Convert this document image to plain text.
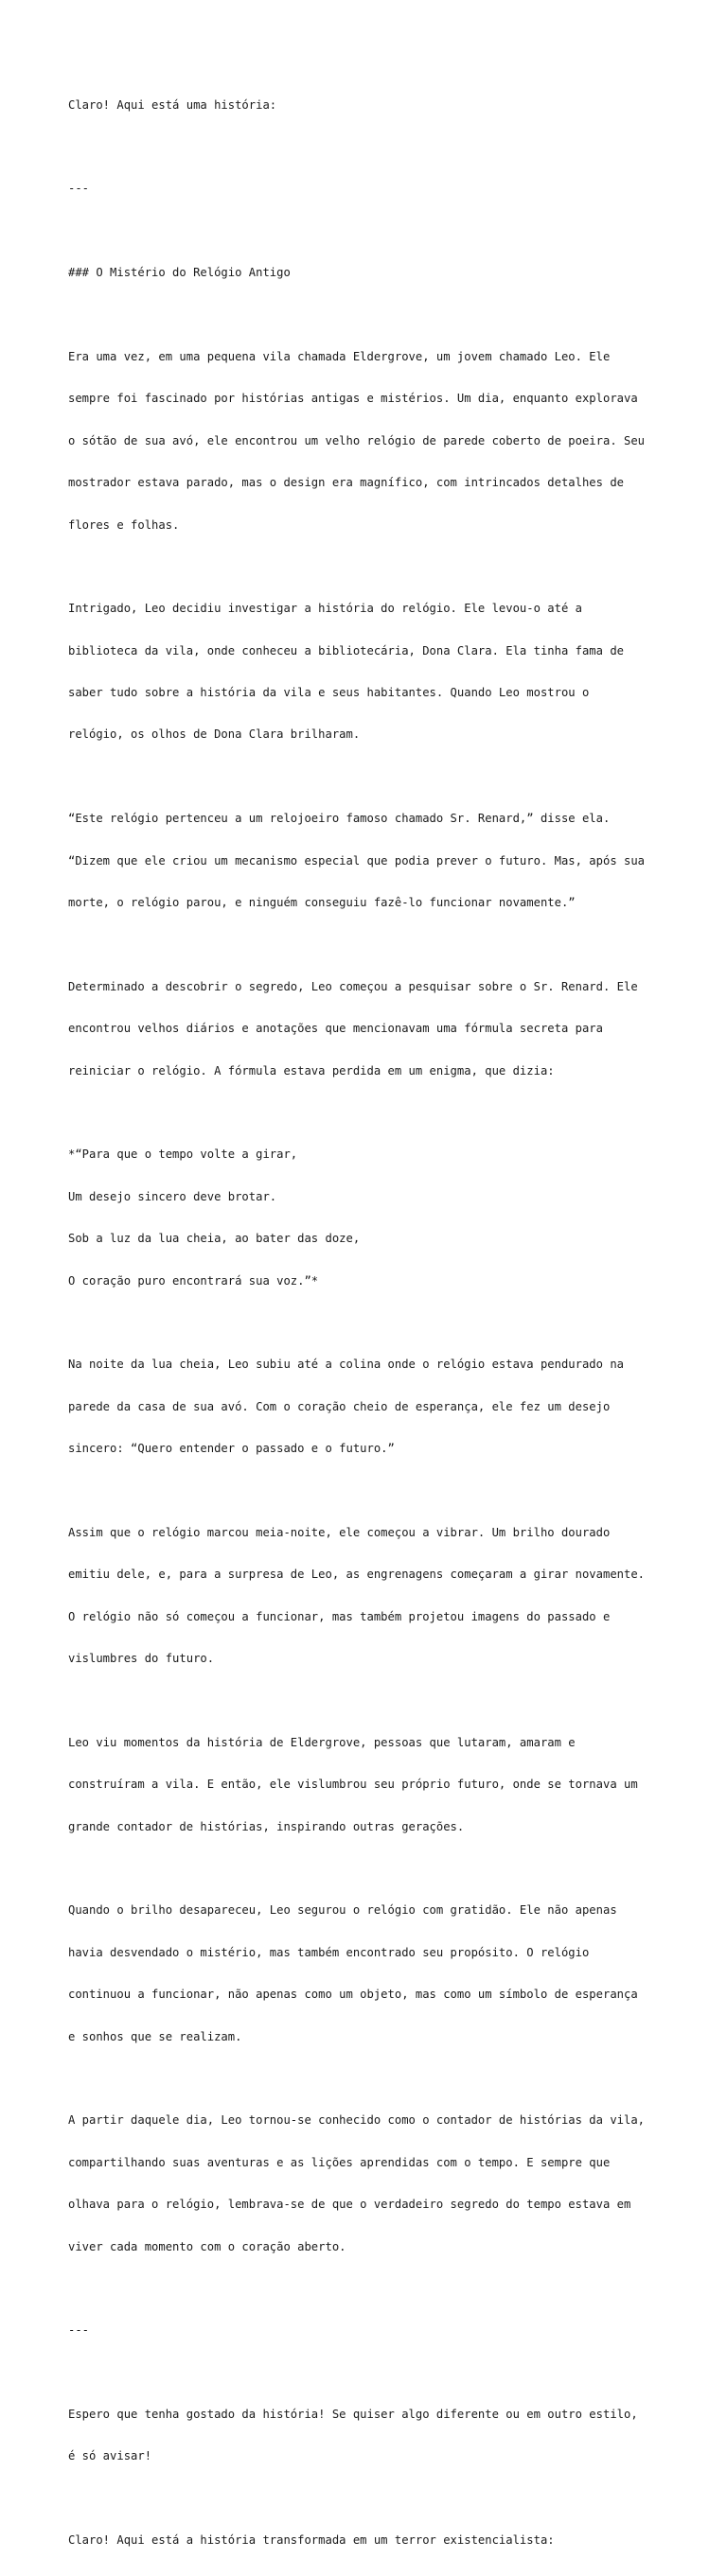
Claro! Aqui está uma história:

---

### O Mistério do Relógio Antigo

Era uma vez, em uma pequena vila chamada Eldergrove, um jovem chamado Leo. Ele

sempre foi fascinado por histórias antigas e mistérios. Um dia, enquanto explorava

o sótão de sua avó, ele encontrou um velho relógio de parede coberto de poeira. Seu

mostrador estava parado, mas o design era magnífico, com intrincados detalhes de

flores e folhas.

Intrigado, Leo decidiu investigar a história do relógio. Ele levou-o até a

biblioteca da vila, onde conheceu a bibliotecária, Dona Clara. Ela tinha fama de

saber tudo sobre a história da vila e seus habitantes. Quando Leo mostrou o

relógio, os olhos de Dona Clara brilharam.

“Este relógio pertenceu a um relojoeiro famoso chamado Sr. Renard,” disse ela.

“Dizem que ele criou um mecanismo especial que podia prever o futuro. Mas, após sua

morte, o relógio parou, e ninguém conseguiu fazê-lo funcionar novamente.”

Determinado a descobrir o segredo, Leo começou a pesquisar sobre o Sr. Renard. Ele

encontrou velhos diários e anotações que mencionavam uma fórmula secreta para

reiniciar o relógio. A fórmula estava perdida em um enigma, que dizia:

*“Para que o tempo volte a girar,

Um desejo sincero deve brotar.

Sob a luz da lua cheia, ao bater das doze,

O coração puro encontrará sua voz.”*

Na noite da lua cheia, Leo subiu até a colina onde o relógio estava pendurado na

parede da casa de sua avó. Com o coração cheio de esperança, ele fez um desejo

sincero: “Quero entender o passado e o futuro.”

Assim que o relógio marcou meia-noite, ele começou a vibrar. Um brilho dourado

emitiu dele, e, para a surpresa de Leo, as engrenagens começaram a girar novamente.

O relógio não só começou a funcionar, mas também projetou imagens do passado e

vislumbres do futuro.

Leo viu momentos da história de Eldergrove, pessoas que lutaram, amaram e

construíram a vila. E então, ele vislumbrou seu próprio futuro, onde se tornava um

grande contador de histórias, inspirando outras gerações.

Quando o brilho desapareceu, Leo segurou o relógio com gratidão. Ele não apenas

havia desvendado o mistério, mas também encontrado seu propósito. O relógio

continuou a funcionar, não apenas como um objeto, mas como um símbolo de esperança

e sonhos que se realizam.

A partir daquele dia, Leo tornou-se conhecido como o contador de histórias da vila,

compartilhando suas aventuras e as lições aprendidas com o tempo. E sempre que

olhava para o relógio, lembrava-se de que o verdadeiro segredo do tempo estava em

viver cada momento com o coração aberto.

---

Espero que tenha gostado da história! Se quiser algo diferente ou em outro estilo,

é só avisar!

Claro! Aqui está a história transformada em um terror existencialista:
